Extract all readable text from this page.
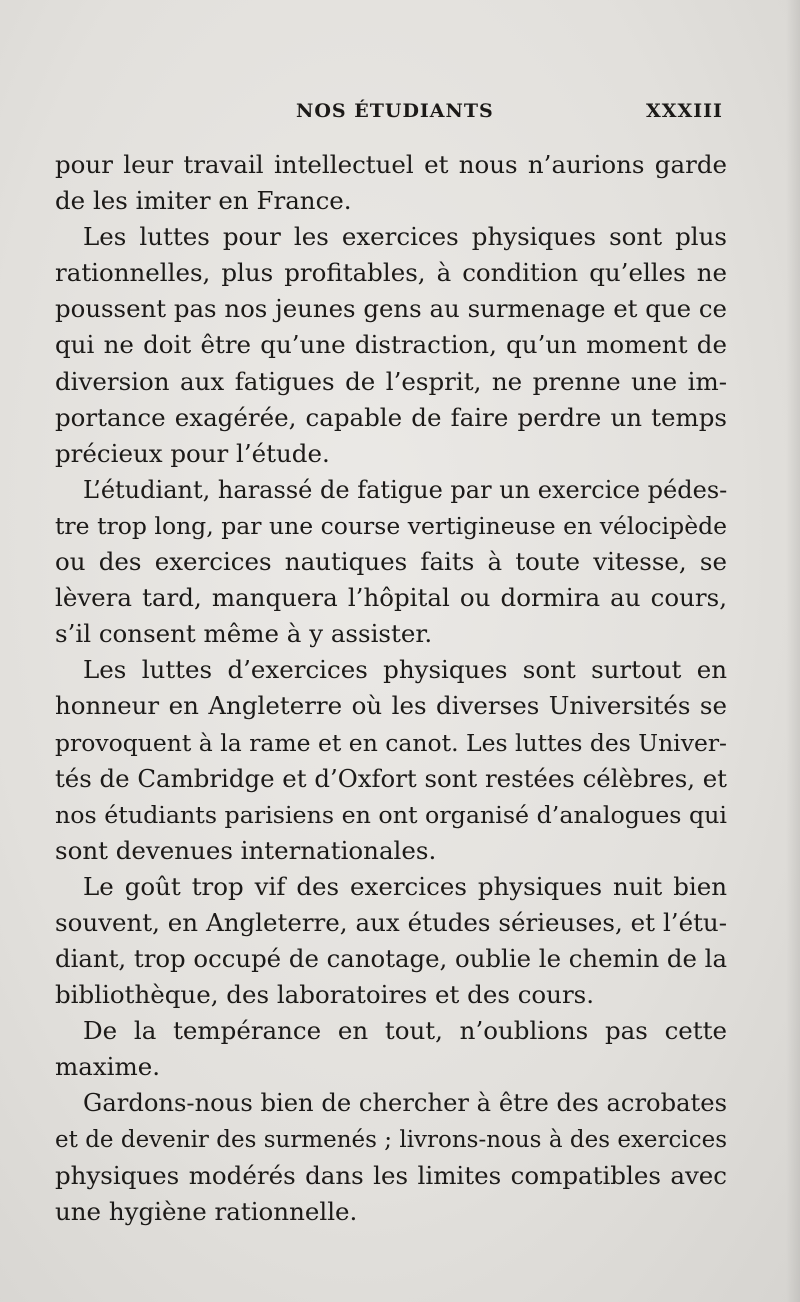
NOS ÉTUDIANTS	XXXIII
pour leur travail intellectuel et nous n’aurions garde
de les imiter en France.
Les luttes pour les exercices physiques sont plus
rationnelles, plus profitables, à condition qu’elles ne
poussent pas nos jeunes gens au surmenage et que ce
qui ne doit être qu’une distraction, qu’un moment de
diversion aux fatigues de l’esprit, ne prenne une im-
portance exagérée, capable de faire perdre un temps
précieux pour l’étude.
L’étudiant, harassé de fatigue par un exercice pédes-
tre trop long, par une course vertigineuse en vélocipède
ou des exercices nautiques faits à toute vitesse, se
lèvera tard, manquera l’hôpital ou dormira au cours,
s’il consent même à y assister.
Les luttes d’exercices physiques sont surtout en
honneur en Angleterre où les diverses Universités se
provoquent à la rame et en canot. Les luttes des Univer-
tés de Cambridge et d’Oxfort sont restées célèbres, et
nos étudiants parisiens en ont organisé d’analogues qui
sont devenues internationales.
Le goût trop vif des exercices physiques nuit bien
souvent, en Angleterre, aux études sérieuses, et l’étu-
diant, trop occupé de canotage, oublie le chemin de la
bibliothèque, des laboratoires et des cours.
De la tempérance en tout, n’oublions pas cette
maxime.
Gardons-nous bien de chercher à être des acrobates
et de devenir des surmenés ; livrons-nous à des exercices
physiques modérés dans les limites compatibles avec
une hygiène rationnelle.
